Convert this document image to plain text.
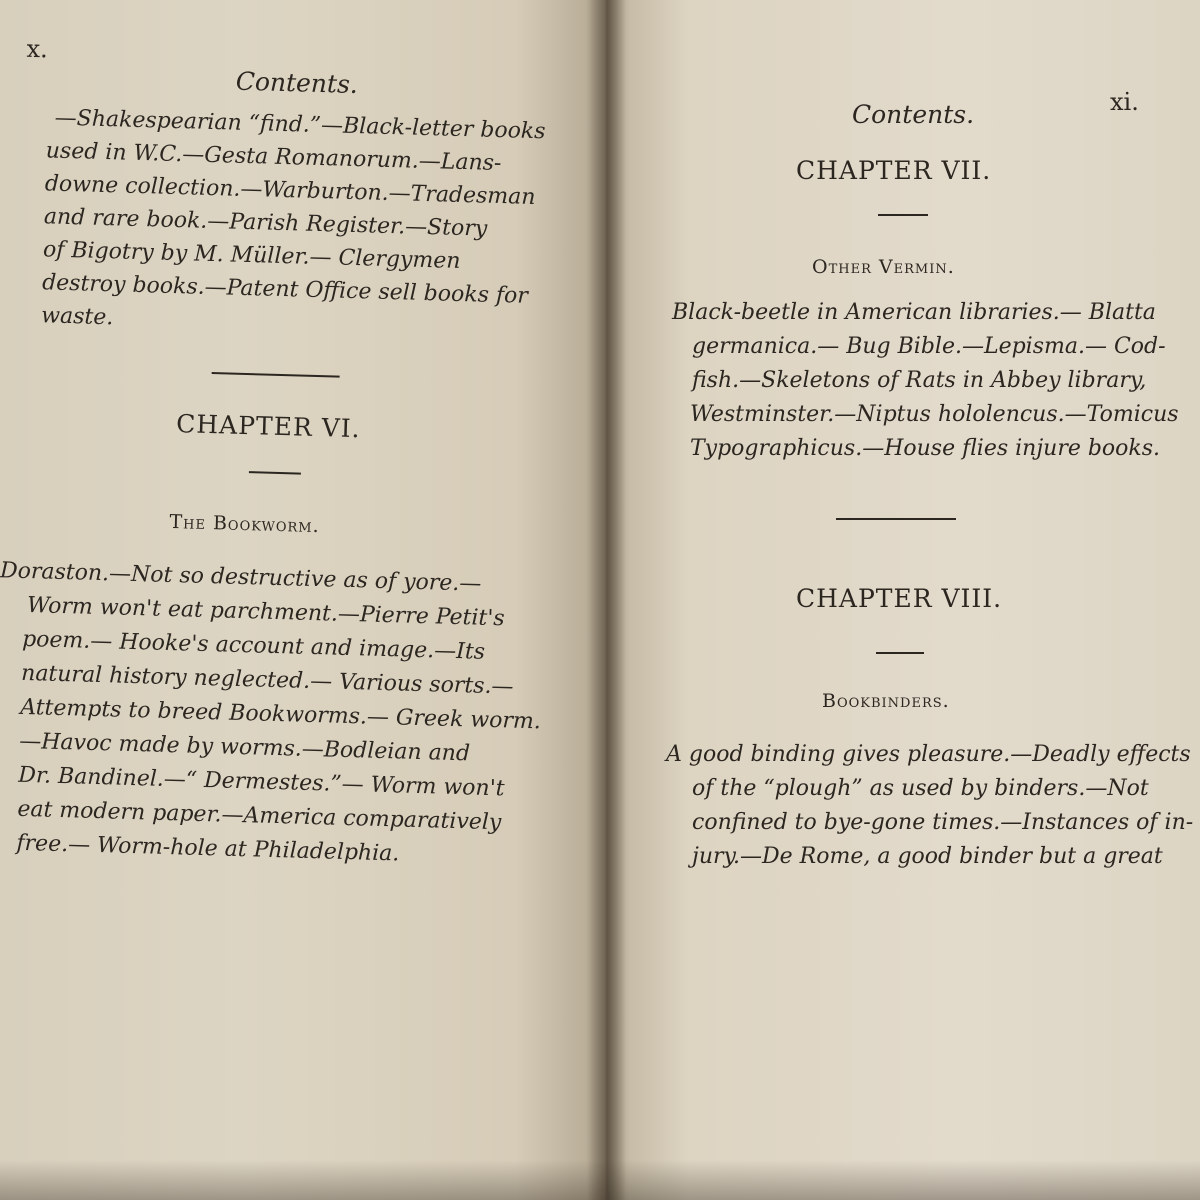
x.
Contents.
—Shakespearian “find.”—Black-letter books
used in W.C.—Gesta Romanorum.—Lans-
downe collection.—Warburton.—Tradesman
and rare book.—Parish Register.—Story
of Bigotry by M. Müller.— Clergymen
destroy books.—Patent Office sell books for
waste.
CHAPTER VI.
The Bookworm.
Doraston.—Not so destructive as of yore.—
Worm won't eat parchment.—Pierre Petit's
poem.— Hooke's account and image.—Its
natural history neglected.— Various sorts.—
Attempts to breed Bookworms.— Greek worm.
—Havoc made by worms.—Bodleian and
Dr. Bandinel.—“ Dermestes.”— Worm won't
eat modern paper.—America comparatively
free.— Worm-hole at Philadelphia.
Contents.	xi.
CHAPTER VII.
Other Vermin.
Black-beetle in American libraries.— Blatta
germanica.— Bug Bible.—Lepisma.— Cod-
fish.—Skeletons of Rats in Abbey library,
Westminster.—Niptus hololencus.—Tomicus
Typographicus.—House flies injure books.
CHAPTER VIII.
Bookbinders.
A good binding gives pleasure.—Deadly effects
of the “plough” as used by binders.—Not
confined to bye-gone times.—Instances of in-
jury.—De Rome, a good binder but a great
